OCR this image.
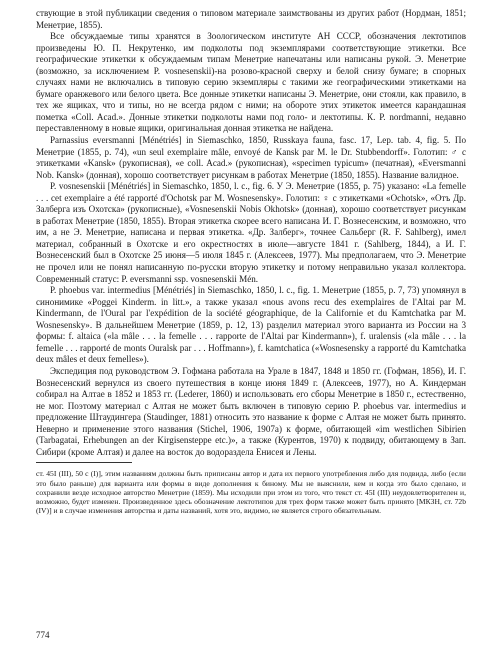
ствующие в этой публикации сведения о типовом материале заимствованы из других работ (Нордман, 1851; Менетрие, 1855).

Все обсуждаемые типы хранятся в Зоологическом институте АН СССР, обозначения лектотипов произведены Ю. П. Некрутенко, им подколоты под экземплярами соответствующие этикетки. Все географические этикетки к обсуждаемым типам Менетрие напечатаны или написаны рукой. Э. Менетрие (возможно, за исключением P. vosnesenskii)-на розово-красной сверху и белой снизу бумаге; в спорных случаях нами не включались в типовую серию экземпляры с такими же географическими этикетками на бумаге оранжевого или белого цвета. Все донные этикетки написаны Э. Менетрие, они стояли, как правило, в тех же ящиках, что и типы, но не всегда рядом с ними; на обороте этих этикеток имеется карандашная пометка «Coll. Acad.». Донные этикетки подколоты нами под голо- и лектотипы. К. P. nordmanni, недавно переставленному в новые ящики, оригинальная донная этикетка не найдена.

Parnassius eversmanni [Ménétriés] in Siemaschko, 1850, Russkaya fauna, fasc. 17, Lep. tab. 4, fig. 5. По Менетрие (1855, p. 74), «un seul exemplaire mâle, envoyé de Kansk par M. le Dr. Stubbendorff». Голотип: ♂ с этикетками «Kansk» (рукописная), «e coll. Acad.» (рукописная), «specimen typicum» (печатная), «Eversmanni Nob. Kansk» (донная), хорошо соответствует рисункам в работах Менетрие (1850, 1855). Название валидное.

P. vosnesenskii [Ménétriés] in Siemaschko, 1850, l. c., fig. 6. У Э. Менетрие (1855, p. 75) указано: «La femelle . . . cet exemplaire a été rapporté d'Ochotsk par M. Wosnesensky». Голотип: ♀ с этикетками «Ochotsk», «Отъ Др. Залберга изъ Охотска» (рукописные), «Vosnesenskii Nobis Okhotsk» (донная), хорошо соответствует рисункам в работах Менетрие (1850, 1855). Вторая этикетка скорее всего написана И. Г. Вознесенским, и возможно, что им, а не Э. Менетрие, написана и первая этикетка. «Др. Залберг», точнее Сальберг (R. F. Sahlberg), имел материал, собранный в Охотске и его окрестностях в июле—августе 1841 г. (Sahlberg, 1844), а И. Г. Вознесенский был в Охотске 25 июня—5 июля 1845 г. (Алексеев, 1977). Мы предполагаем, что Э. Менетрие не прочел или не понял написанную по-русски вторую этикетку и потому неправильно указал коллектора. Современный статус: P. eversmanni ssp. vosnesenskii Mén.

P. phoebus var. intermedius [Ménétriés] in Siemaschko, 1850, l. c., fig. 1. Менетрие (1855, p. 7, 73) упомянул в синонимике «Poggei Kinderm. in litt.», а также указал «nous avons recu des exemplaires de l'Altai par M. Kindermann, de l'Oural par l'expédition de la société géographique, de la Californie et du Kamtchatka par M. Wosnesensky». В дальнейшем Менетрие (1859, p. 12, 13) разделил материал этого варианта из России на 3 формы: f. altaica («la mâle . . . la femelle . . . rapporte de l'Altai par Kindermann»), f. uralensis («la mâle . . . la femelle . . . rapporté de monts Ouralsk par . . . Hoffmann»), f. kamtchatica («Wosnesensky a rapporté du Kamtchatka deux mâles et deux femelles»).

Экспедиция под руководством Э. Гофмана работала на Урале в 1847, 1848 и 1850 гг. (Гофман, 1856), И. Г. Вознесенский вернулся из своего путешествия в конце июня 1849 г. (Алексеев, 1977), но А. Киндерман собирал на Алтае в 1852 и 1853 гг. (Lederer, 1860) и использовать его сборы Менетрие в 1850 г., естественно, не мог. Поэтому материал с Алтая не может быть включен в типовую серию P. phoebus var. intermedius и предложение Штаудингера (Staudinger, 1881) относить это название к форме с Алтая не может быть принято. Неверно и применение этого названия (Stichel, 1906, 1907a) к форме, обитающей «im westlichen Sibirien (Tarbagatai, Erhebungen an der Kirgisensteppe etc.)», а также (Курентов, 1970) к подвиду, обитающему в Зап. Сибири (кроме Алтая) и далее на восток до водораздела Енисея и Лены.

ст. 45I (III), 50 с (I)], этим названиям должны быть приписаны автор и дата их первого употребления либо для подвида, либо (если это было раньше) для варианта или формы в виде дополнения к биному. Мы не выяснили, кем и когда это было сделано, и сохранили везде исходное авторство Менетрие (1859). Мы исходили при этом из того, что текст ст. 45I (III) неудовлетворителен и, возможно, будет изменен. Произведенное здесь обозначение лектотипов для трех форм также может быть принято [МКЗН, ст. 72b (IV)] и в случае изменения авторства и даты названий, хотя это, видимо, не является строго обязательным.

774
